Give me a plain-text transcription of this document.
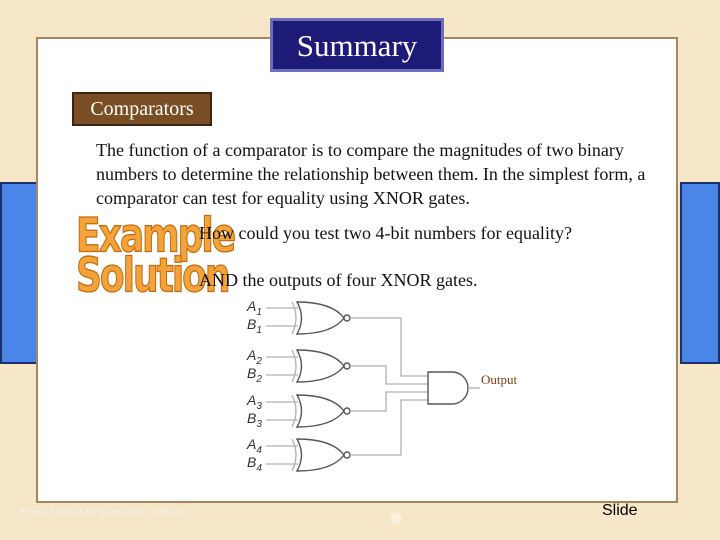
Summary
Comparators
The function of a comparator is to compare the magnitudes of two binary numbers to determine the relationship between them. In the simplest form, a comparator can test for equality using XNOR gates.
Example
Solution
How could you test two 4-bit numbers for equality?
AND the outputs of four XNOR gates.
$A_1$
$B_1$
$A_2$
$B_2$
$A_3$
$B_3$
$A_4$
$B_4$
Output
Floyd, Digital Fundamentals, 10th ed	Slide
